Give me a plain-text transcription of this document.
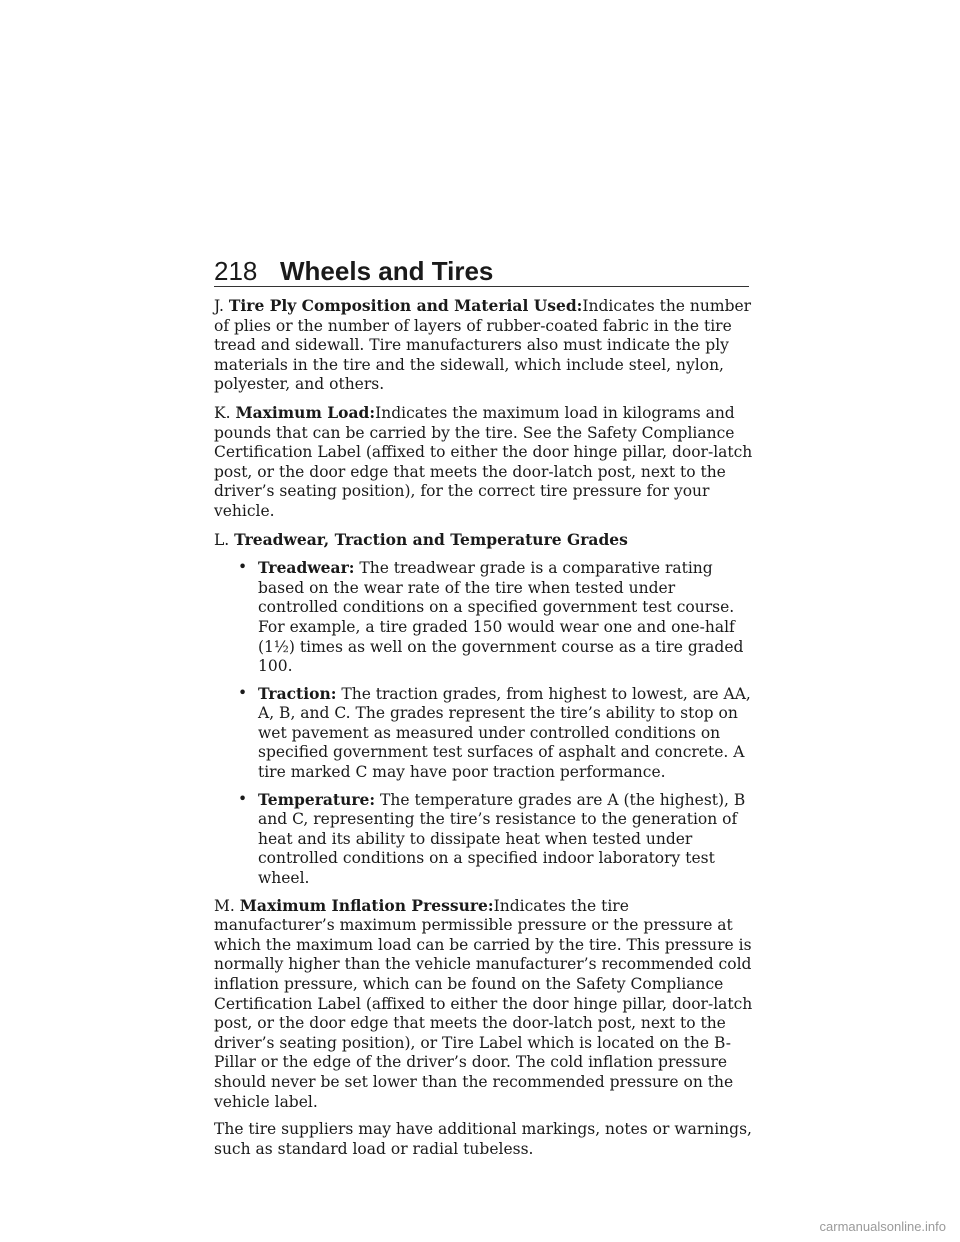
218 Wheels and Tires

J. Tire Ply Composition and Material Used:Indicates the number of plies or the number of layers of rubber-coated fabric in the tire tread and sidewall. Tire manufacturers also must indicate the ply materials in the tire and the sidewall, which include steel, nylon, polyester, and others.

K. Maximum Load:Indicates the maximum load in kilograms and pounds that can be carried by the tire. See the Safety Compliance Certification Label (affixed to either the door hinge pillar, door-latch post, or the door edge that meets the door-latch post, next to the driver’s seating position), for the correct tire pressure for your vehicle.

L. Treadwear, Traction and Temperature Grades

• Treadwear: The treadwear grade is a comparative rating based on the wear rate of the tire when tested under controlled conditions on a specified government test course. For example, a tire graded 150 would wear one and one-half (1½) times as well on the government course as a tire graded 100.
• Traction: The traction grades, from highest to lowest, are AA, A, B, and C. The grades represent the tire’s ability to stop on wet pavement as measured under controlled conditions on specified government test surfaces of asphalt and concrete. A tire marked C may have poor traction performance.
• Temperature: The temperature grades are A (the highest), B and C, representing the tire’s resistance to the generation of heat and its ability to dissipate heat when tested under controlled conditions on a specified indoor laboratory test wheel.

M. Maximum Inflation Pressure:Indicates the tire manufacturer’s maximum permissible pressure or the pressure at which the maximum load can be carried by the tire. This pressure is normally higher than the vehicle manufacturer’s recommended cold inflation pressure, which can be found on the Safety Compliance Certification Label (affixed to either the door hinge pillar, door-latch post, or the door edge that meets the door-latch post, next to the driver’s seating position), or Tire Label which is located on the B-Pillar or the edge of the driver’s door. The cold inflation pressure should never be set lower than the recommended pressure on the vehicle label.

The tire suppliers may have additional markings, notes or warnings, such as standard load or radial tubeless.

carmanualsonline.info
